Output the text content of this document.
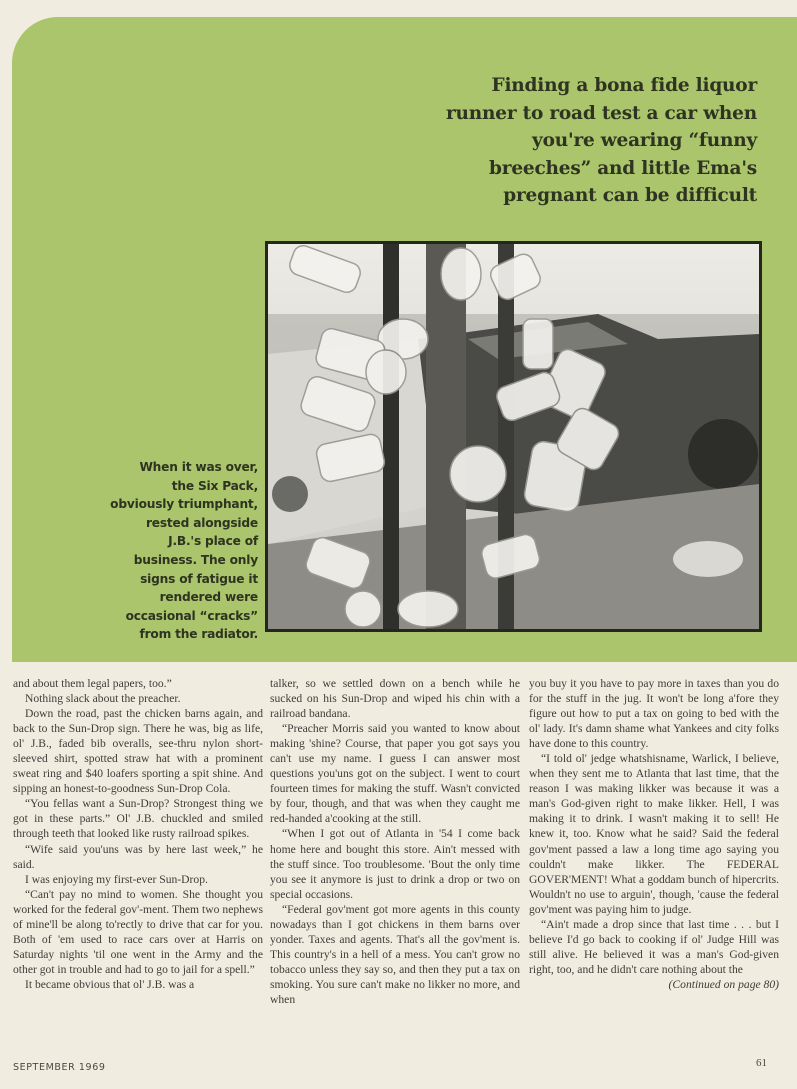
Finding a bona fide liquor
runner to road test a car when
you're wearing “funny
breeches” and little Ema's
pregnant can be difficult
When it was over,
the Six Pack,
obviously triumphant,
rested alongside
J.B.'s place of
business. The only
signs of fatigue it
rendered were
occasional “cracks”
from the radiator.

and about them legal papers, too.”

Nothing slack about the preacher.

Down the road, past the chicken barns again, and back to the Sun-Drop sign. There he was, big as life, ol' J.B., faded bib overalls, see-thru nylon short-sleeved shirt, spotted straw hat with a prominent sweat ring and $40 loafers sporting a spit shine. And sipping an honest-to-goodness Sun-Drop Cola.

“You fellas want a Sun-Drop? Strongest thing we got in these parts.” Ol' J.B. chuckled and smiled through teeth that looked like rusty railroad spikes.

“Wife said you'uns was by here last week,” he said.

I was enjoying my first-ever Sun-Drop.

“Can't pay no mind to women. She thought you worked for the federal gov'-ment. Them two nephews of mine'll be along to'rectly to drive that car for you. Both of 'em used to race cars over at Harris on Saturday nights 'til one went in the Army and the other got in trouble and had to go to jail for a spell.”

It became obvious that ol' J.B. was a

talker, so we settled down on a bench while he sucked on his Sun-Drop and wiped his chin with a railroad bandana.

“Preacher Morris said you wanted to know about making 'shine? Course, that paper you got says you can't use my name. I guess I can answer most questions you'uns got on the subject. I went to court fourteen times for making the stuff. Wasn't convicted by four, though, and that was when they caught me red-handed a'cooking at the still.

“When I got out of Atlanta in '54 I come back home here and bought this store. Ain't messed with the stuff since. Too troublesome. 'Bout the only time you see it anymore is just to drink a drop or two on special occasions.

“Federal gov'ment got more agents in this county nowadays than I got chickens in them barns over yonder. Taxes and agents. That's all the gov'ment is. This country's in a hell of a mess. You can't grow no tobacco unless they say so, and then they put a tax on smoking. You sure can't make no likker no more, and when

you buy it you have to pay more in taxes than you do for the stuff in the jug. It won't be long a'fore they figure out how to put a tax on going to bed with the ol' lady. It's damn shame what Yankees and city folks have done to this country.

“I told ol' jedge whatshisname, Warlick, I believe, when they sent me to Atlanta that last time, that the reason I was making likker was because it was a man's God-given right to make likker. Hell, I was making it to drink. I wasn't making it to sell! He knew it, too. Know what he said? Said the federal gov'ment passed a law a long time ago saying you couldn't make likker. The FEDERAL GOVER'MENT! What a goddam bunch of hipercrits. Wouldn't no use to arguin', though, 'cause the federal gov'ment was paying him to judge.

“Ain't made a drop since that last time . . . but I believe I'd go back to cooking if ol' Judge Hill was still alive. He believed it was a man's God-given right, too, and he didn't care nothing about the

(Continued on page 80)

SEPTEMBER 1969	61
